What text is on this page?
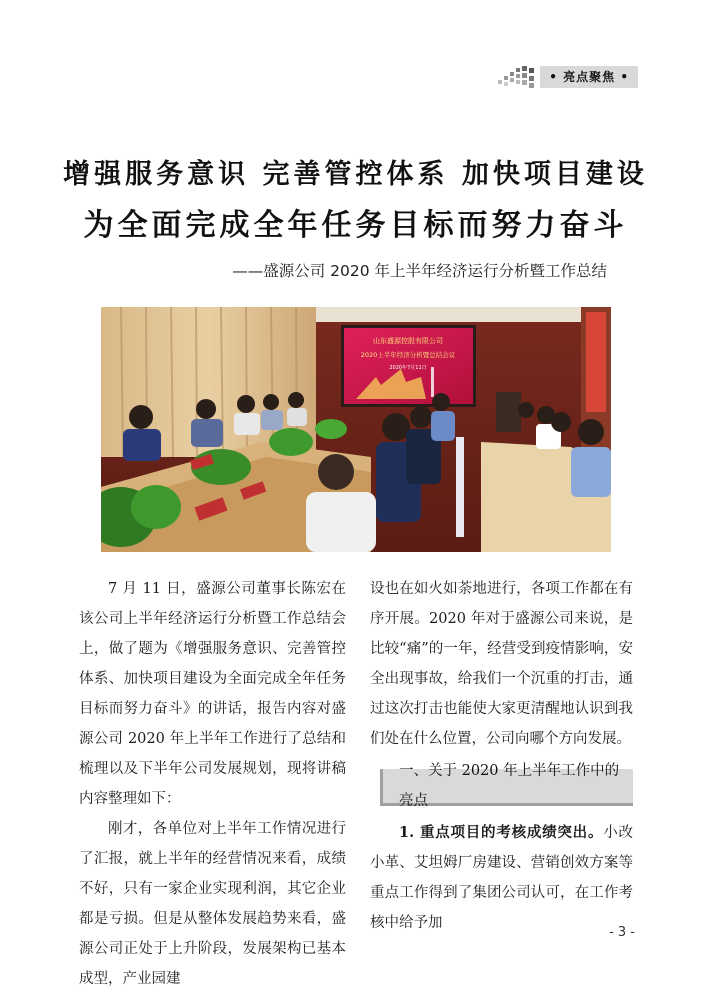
• 亮点聚焦 •
增强服务意识 完善管控体系 加快项目建设
为全面完成全年任务目标而努力奋斗
——盛源公司 2020 年上半年经济运行分析暨工作总结
山东盛源控股有限公司
2020上半年经济分析暨总结会议
2020年7月11日

7 月 11 日，盛源公司董事长陈宏在该公司上半年经济运行分析暨工作总结会上，做了题为《增强服务意识、完善管控体系、加快项目建设为全面完成全年任务目标而努力奋斗》的讲话，报告内容对盛源公司 2020 年上半年工作进行了总结和梳理以及下半年公司发展规划，现将讲稿内容整理如下：

刚才，各单位对上半年工作情况进行了汇报，就上半年的经营情况来看，成绩不好，只有一家企业实现利润，其它企业都是亏损。但是从整体发展趋势来看，盛源公司正处于上升阶段，发展架构已基本成型，产业园建

设也在如火如荼地进行，各项工作都在有序开展。2020 年对于盛源公司来说，是比较“痛”的一年，经营受到疫情影响，安全出现事故，给我们一个沉重的打击，通过这次打击也能使大家更清醒地认识到我们处在什么位置，公司向哪个方向发展。

一、关于 2020 年上半年工作中的亮点

1. 重点项目的考核成绩突出。小改小革、艾坦姆厂房建设、营销创效方案等重点工作得到了集团公司认可，在工作考核中给予加

- 3 -
